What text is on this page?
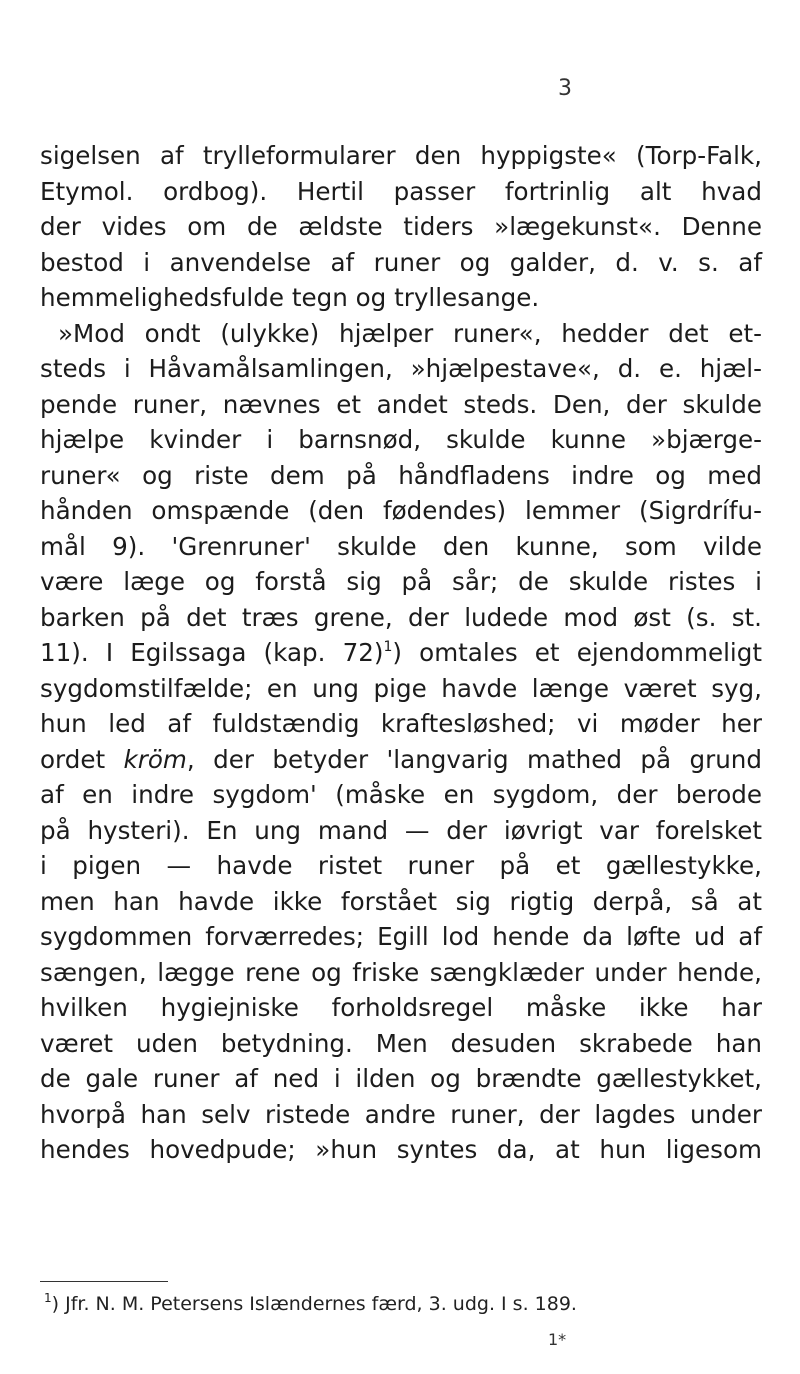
3
sigelsen af trylleformularer den hyppigste« (Torp-Falk,
Etymol. ordbog). Hertil passer fortrinlig alt hvad
der vides om de ældste tiders »lægekunst«. Denne
bestod i anvendelse af runer og galder, d. v. s. af
hemmelighedsfulde tegn og tryllesange.
»Mod ondt (ulykke) hjælper runer«, hedder det et-
steds i Håvamålsamlingen, »hjælpestave«, d. e. hjæl-
pende runer, nævnes et andet steds. Den, der skulde
hjælpe kvinder i barnsnød, skulde kunne »bjærge-
runer« og riste dem på håndfladens indre og med
hånden omspænde (den fødendes) lemmer (Sigrdrífu-
mål 9). 'Grenruner' skulde den kunne, som vilde
være læge og forstå sig på sår; de skulde ristes i
barken på det træs grene, der ludede mod øst (s. st.
11). I Egilssaga (kap. 72)$^1$) omtales et ejendommeligt
sygdomstilfælde; en ung pige havde længe været syg,
hun led af fuldstændig kraftesløshed; vi møder her
ordet kröm, der betyder 'langvarig mathed på grund
af en indre sygdom' (måske en sygdom, der berode
på hysteri). En ung mand — der iøvrigt var forelsket
i pigen — havde ristet runer på et gællestykke,
men han havde ikke forstået sig rigtig derpå, så at
sygdommen forværredes; Egill lod hende da løfte ud af
sængen, lægge rene og friske sængklæder under hende,
hvilken hygiejniske forholdsregel måske ikke har
været uden betydning. Men desuden skrabede han
de gale runer af ned i ilden og brændte gællestykket,
hvorpå han selv ristede andre runer, der lagdes under
hendes hovedpude; »hun syntes da, at hun ligesom
$^1$) Jfr. N. M. Petersens Islændernes færd, 3. udg. I s. 189.
1*
